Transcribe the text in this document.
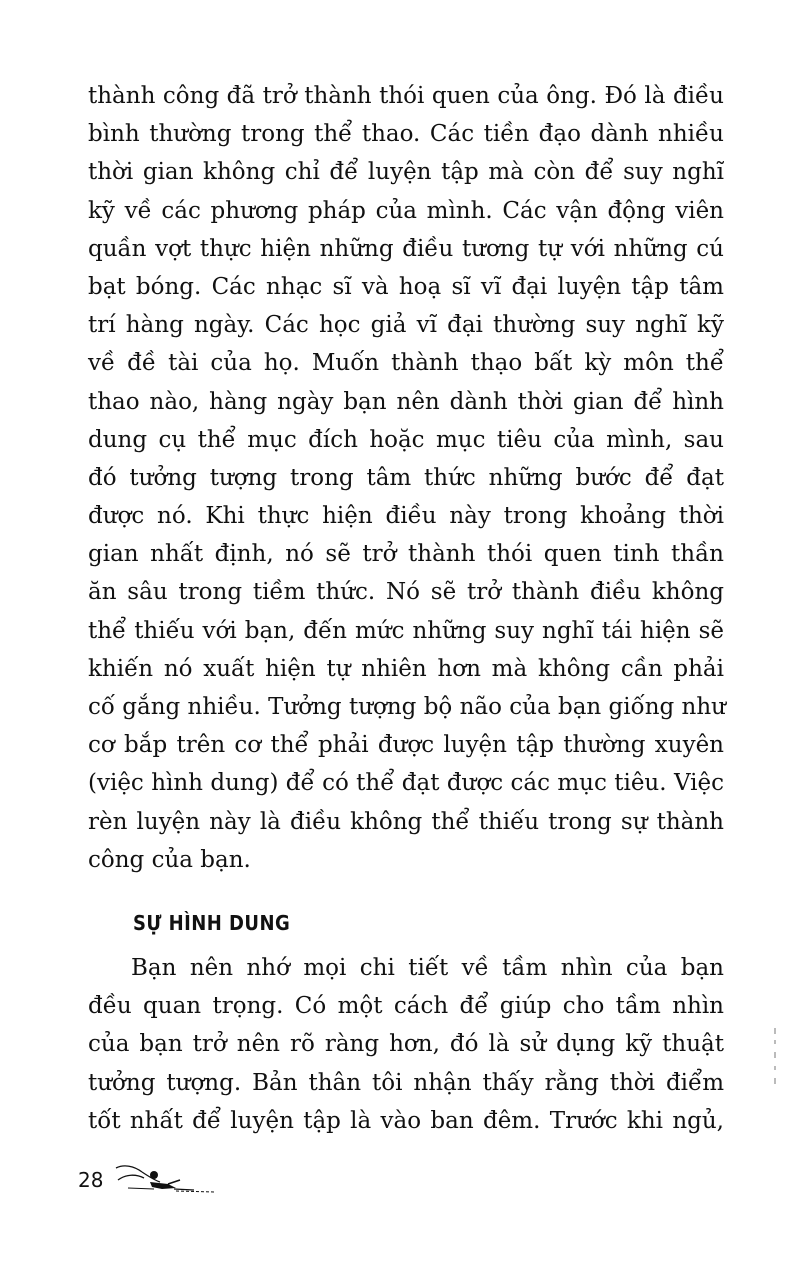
thành công đã trở thành thói quen của ông. Đó là điều
bình thường trong thể thao. Các tiền đạo dành nhiều
thời gian không chỉ để luyện tập mà còn để suy nghĩ
kỹ về các phương pháp của mình. Các vận động viên
quần vợt thực hiện những điều tương tự với những cú
bạt bóng. Các nhạc sĩ và hoạ sĩ vĩ đại luyện tập tâm
trí hàng ngày. Các học giả vĩ đại thường suy nghĩ kỹ
về đề tài của họ. Muốn thành thạo bất kỳ môn thể
thao nào, hàng ngày bạn nên dành thời gian để hình
dung cụ thể mục đích hoặc mục tiêu của mình, sau
đó tưởng tượng trong tâm thức những bước để đạt
được nó. Khi thực hiện điều này trong khoảng thời
gian nhất định, nó sẽ trở thành thói quen tinh thần
ăn sâu trong tiềm thức. Nó sẽ trở thành điều không
thể thiếu với bạn, đến mức những suy nghĩ tái hiện sẽ
khiến nó xuất hiện tự nhiên hơn mà không cần phải
cố gắng nhiều. Tưởng tượng bộ não của bạn giống như
cơ bắp trên cơ thể phải được luyện tập thường xuyên
(việc hình dung) để có thể đạt được các mục tiêu. Việc
rèn luyện này là điều không thể thiếu trong sự thành
công của bạn.
SỰ HÌNH DUNG
Bạn nên nhớ mọi chi tiết về tầm nhìn của bạn
đều quan trọng. Có một cách để giúp cho tầm nhìn
của bạn trở nên rõ ràng hơn, đó là sử dụng kỹ thuật
tưởng tượng. Bản thân tôi nhận thấy rằng thời điểm
tốt nhất để luyện tập là vào ban đêm. Trước khi ngủ,
28
